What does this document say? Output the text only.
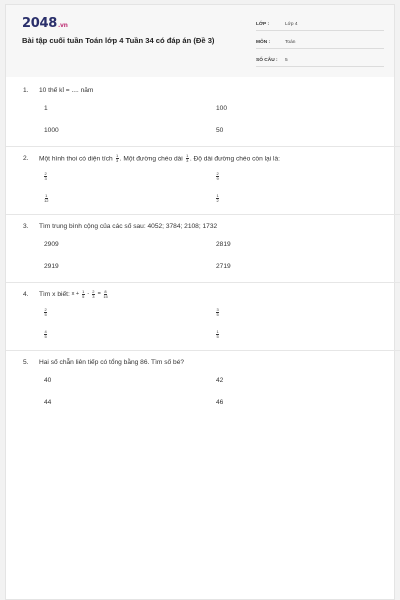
2048.vn
Bài tập cuối tuần Toán lớp 4 Tuần 34 có đáp án (Đề 3)
LỚP :	Lớp 4
MÔN :	Toán
SỐ CÂU :	5
1.	10 thế kỉ = .... năm
1	100
1000	50
2.	Một hình thoi có diện tích $\frac{1}{3}$ . Một đường chéo dài $\frac{1}{3}$ . Độ dài đường chéo còn lại là:
$\frac{2}{3}$	$\frac{2}{9}$
$\frac{1}{12}$	$\frac{1}{2}$
3.	Tìm trung bình cộng của các số sau: 4052; 3784; 2108; 1732
2909	2819
2919	2719
4.	Tìm x biết: $x + \frac{1}{5} - \frac{2}{3} = \frac{8}{15}$
$\frac{2}{5}$	$\frac{3}{5}$
$\frac{4}{5}$	$\frac{1}{5}$
5.	Hai số chẵn liên tiếp có tổng bằng 86. Tìm số bé?
40	42
44	46
